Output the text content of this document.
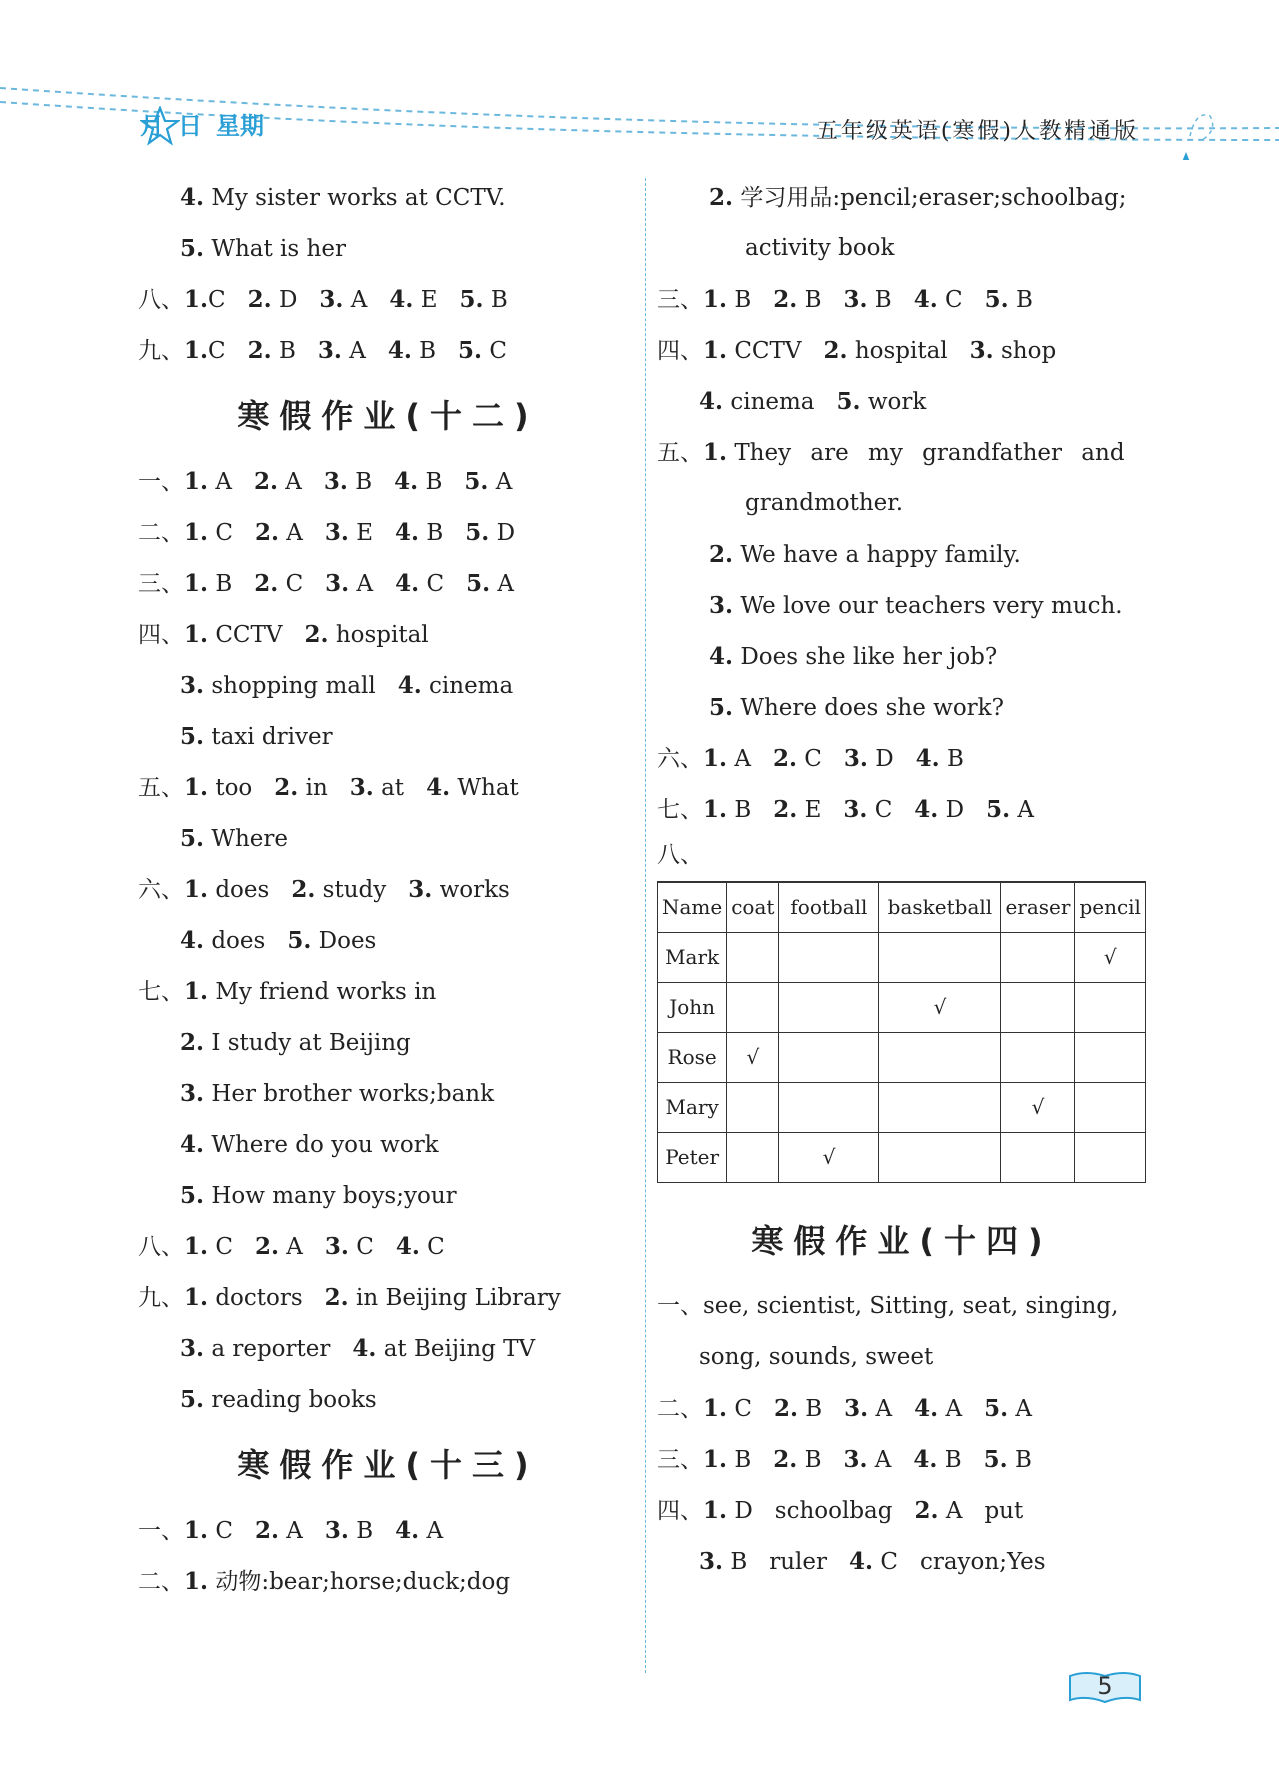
月 日 星期	五年级英语(寒假)人教精通版
4. My sister works at CCTV.
5. What is her
八、1.C 2. D 3. A 4. E 5. B
九、1.C 2. B 3. A 4. B 5. C
寒假作业(十二)
一、1. A 2. A 3. B 4. B 5. A
二、1. C 2. A 3. E 4. B 5. D
三、1. B 2. C 3. A 4. C 5. A
四、1. CCTV 2. hospital
3. shopping mall 4. cinema
5. taxi driver
五、1. too 2. in 3. at 4. What
5. Where
六、1. does 2. study 3. works
4. does 5. Does
七、1. My friend works in
2. I study at Beijing
3. Her brother works;bank
4. Where do you work
5. How many boys;your
八、1. C 2. A 3. C 4. C
九、1. doctors 2. in Beijing Library
3. a reporter 4. at Beijing TV
5. reading books
寒假作业(十三)
一、1. C 2. A 3. B 4. A
二、1. 动物:bear;horse;duck;dog
2. 学习用品:pencil;eraser;schoolbag;
activity book
三、1. B 2. B 3. B 4. C 5. B
四、1. CCTV 2. hospital 3. shop
4. cinema 5. work
五、1. They are my grandfather and
grandmother.
2. We have a happy family.
3. We love our teachers very much.
4. Does she like her job?
5. Where does she work?
六、1. A 2. C 3. D 4. B
七、1. B 2. E 3. C 4. D 5. A
八、
Name	coat	football	basketball	eraser	pencil
Mark					√
John			√		
Rose	√				
Mary				√	
Peter		√			
寒假作业(十四)
一、see, scientist, Sitting, seat, singing,
song, sounds, sweet
二、1. C 2. B 3. A 4. A 5. A
三、1. B 2. B 3. A 4. B 5. B
四、1. D schoolbag 2. A put
3. B ruler 4. C crayon;Yes
5
